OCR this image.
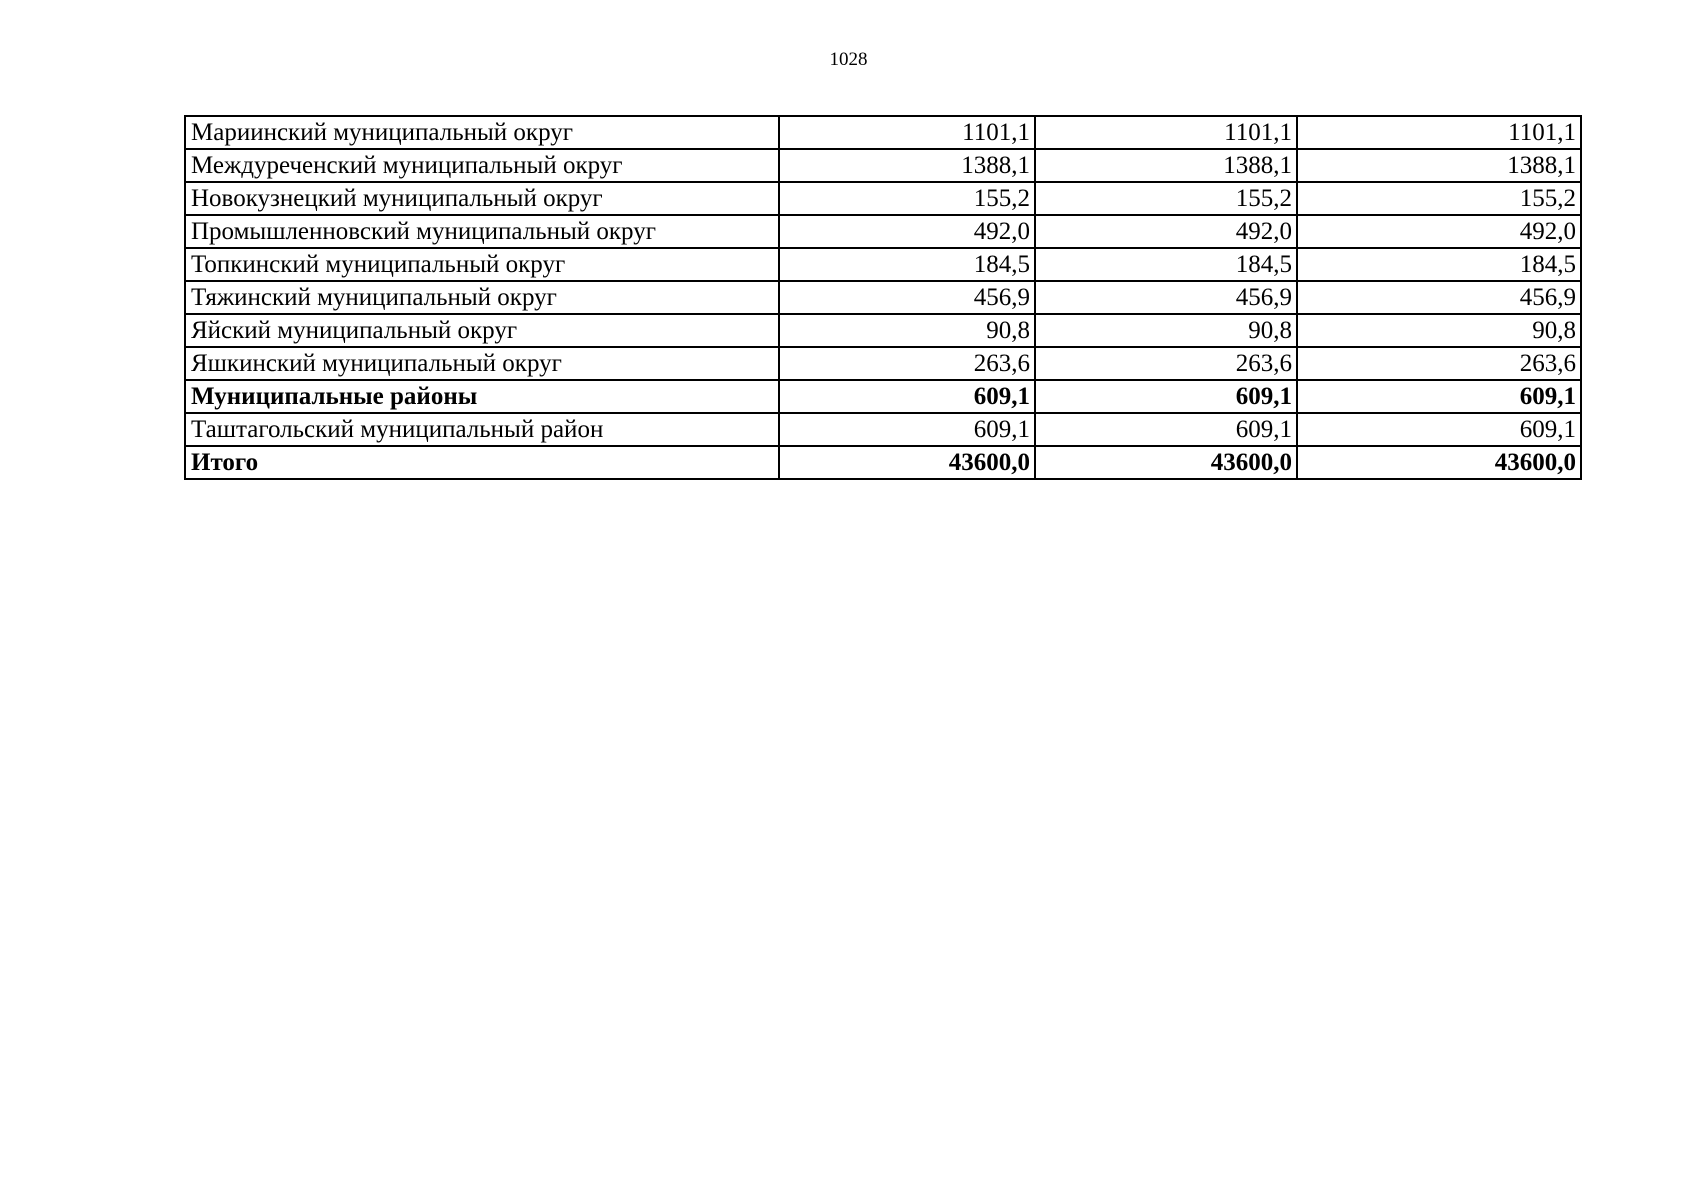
1028
Мариинский муниципальный округ	1101,1	1101,1	1101,1
Междуреченский муниципальный округ	1388,1	1388,1	1388,1
Новокузнецкий муниципальный округ	155,2	155,2	155,2
Промышленновский муниципальный округ	492,0	492,0	492,0
Топкинский муниципальный округ	184,5	184,5	184,5
Тяжинский муниципальный округ	456,9	456,9	456,9
Яйский муниципальный округ	90,8	90,8	90,8
Яшкинский муниципальный округ	263,6	263,6	263,6
Муниципальные районы	609,1	609,1	609,1
Таштагольский муниципальный район	609,1	609,1	609,1
Итого	43600,0	43600,0	43600,0
